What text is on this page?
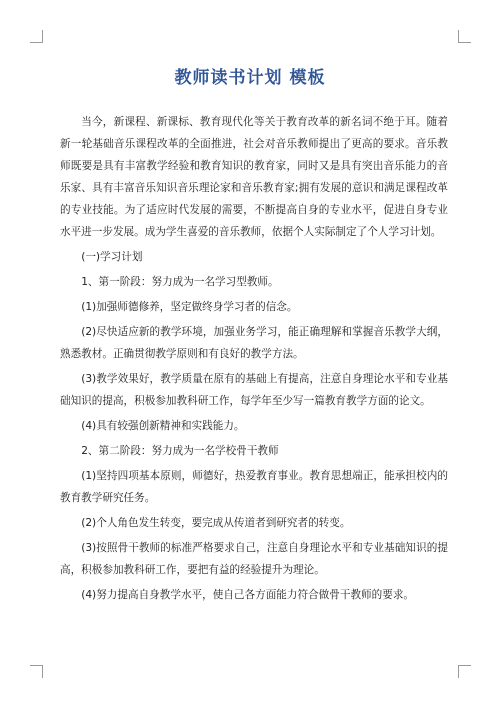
教师读书计划 模板

当今，新课程、新课标、教育现代化等关于教育改革的新名词不绝于耳。随着新一轮基础音乐课程改革的全面推进，社会对音乐教师提出了更高的要求。音乐教师既要是具有丰富教学经验和教育知识的教育家，同时又是具有突出音乐能力的音乐家、具有丰富音乐知识音乐理论家和音乐教育家;拥有发展的意识和满足课程改革的专业技能。为了适应时代发展的需要，不断提高自身的专业水平，促进自身专业水平进一步发展。成为学生喜爱的音乐教师，依据个人实际制定了个人学习计划。

(一)学习计划

1、第一阶段：努力成为一名学习型教师。

(1)加强师德修养，坚定做终身学习者的信念。

(2)尽快适应新的教学环境，加强业务学习，能正确理解和掌握音乐教学大纲，熟悉教材。正确贯彻教学原则和有良好的教学方法。

(3)教学效果好，教学质量在原有的基础上有提高，注意自身理论水平和专业基础知识的提高，积极参加教科研工作，每学年至少写一篇教育教学方面的论文。

(4)具有较强创新精神和实践能力。

2、第二阶段：努力成为一名学校骨干教师

(1)坚持四项基本原则，师德好，热爱教育事业。教育思想端正，能承担校内的教育教学研究任务。

(2)个人角色发生转变，要完成从传道者到研究者的转变。

(3)按照骨干教师的标准严格要求自己，注意自身理论水平和专业基础知识的提高，积极参加教科研工作，要把有益的经验提升为理论。

(4)努力提高自身教学水平，使自己各方面能力符合做骨干教师的要求。
